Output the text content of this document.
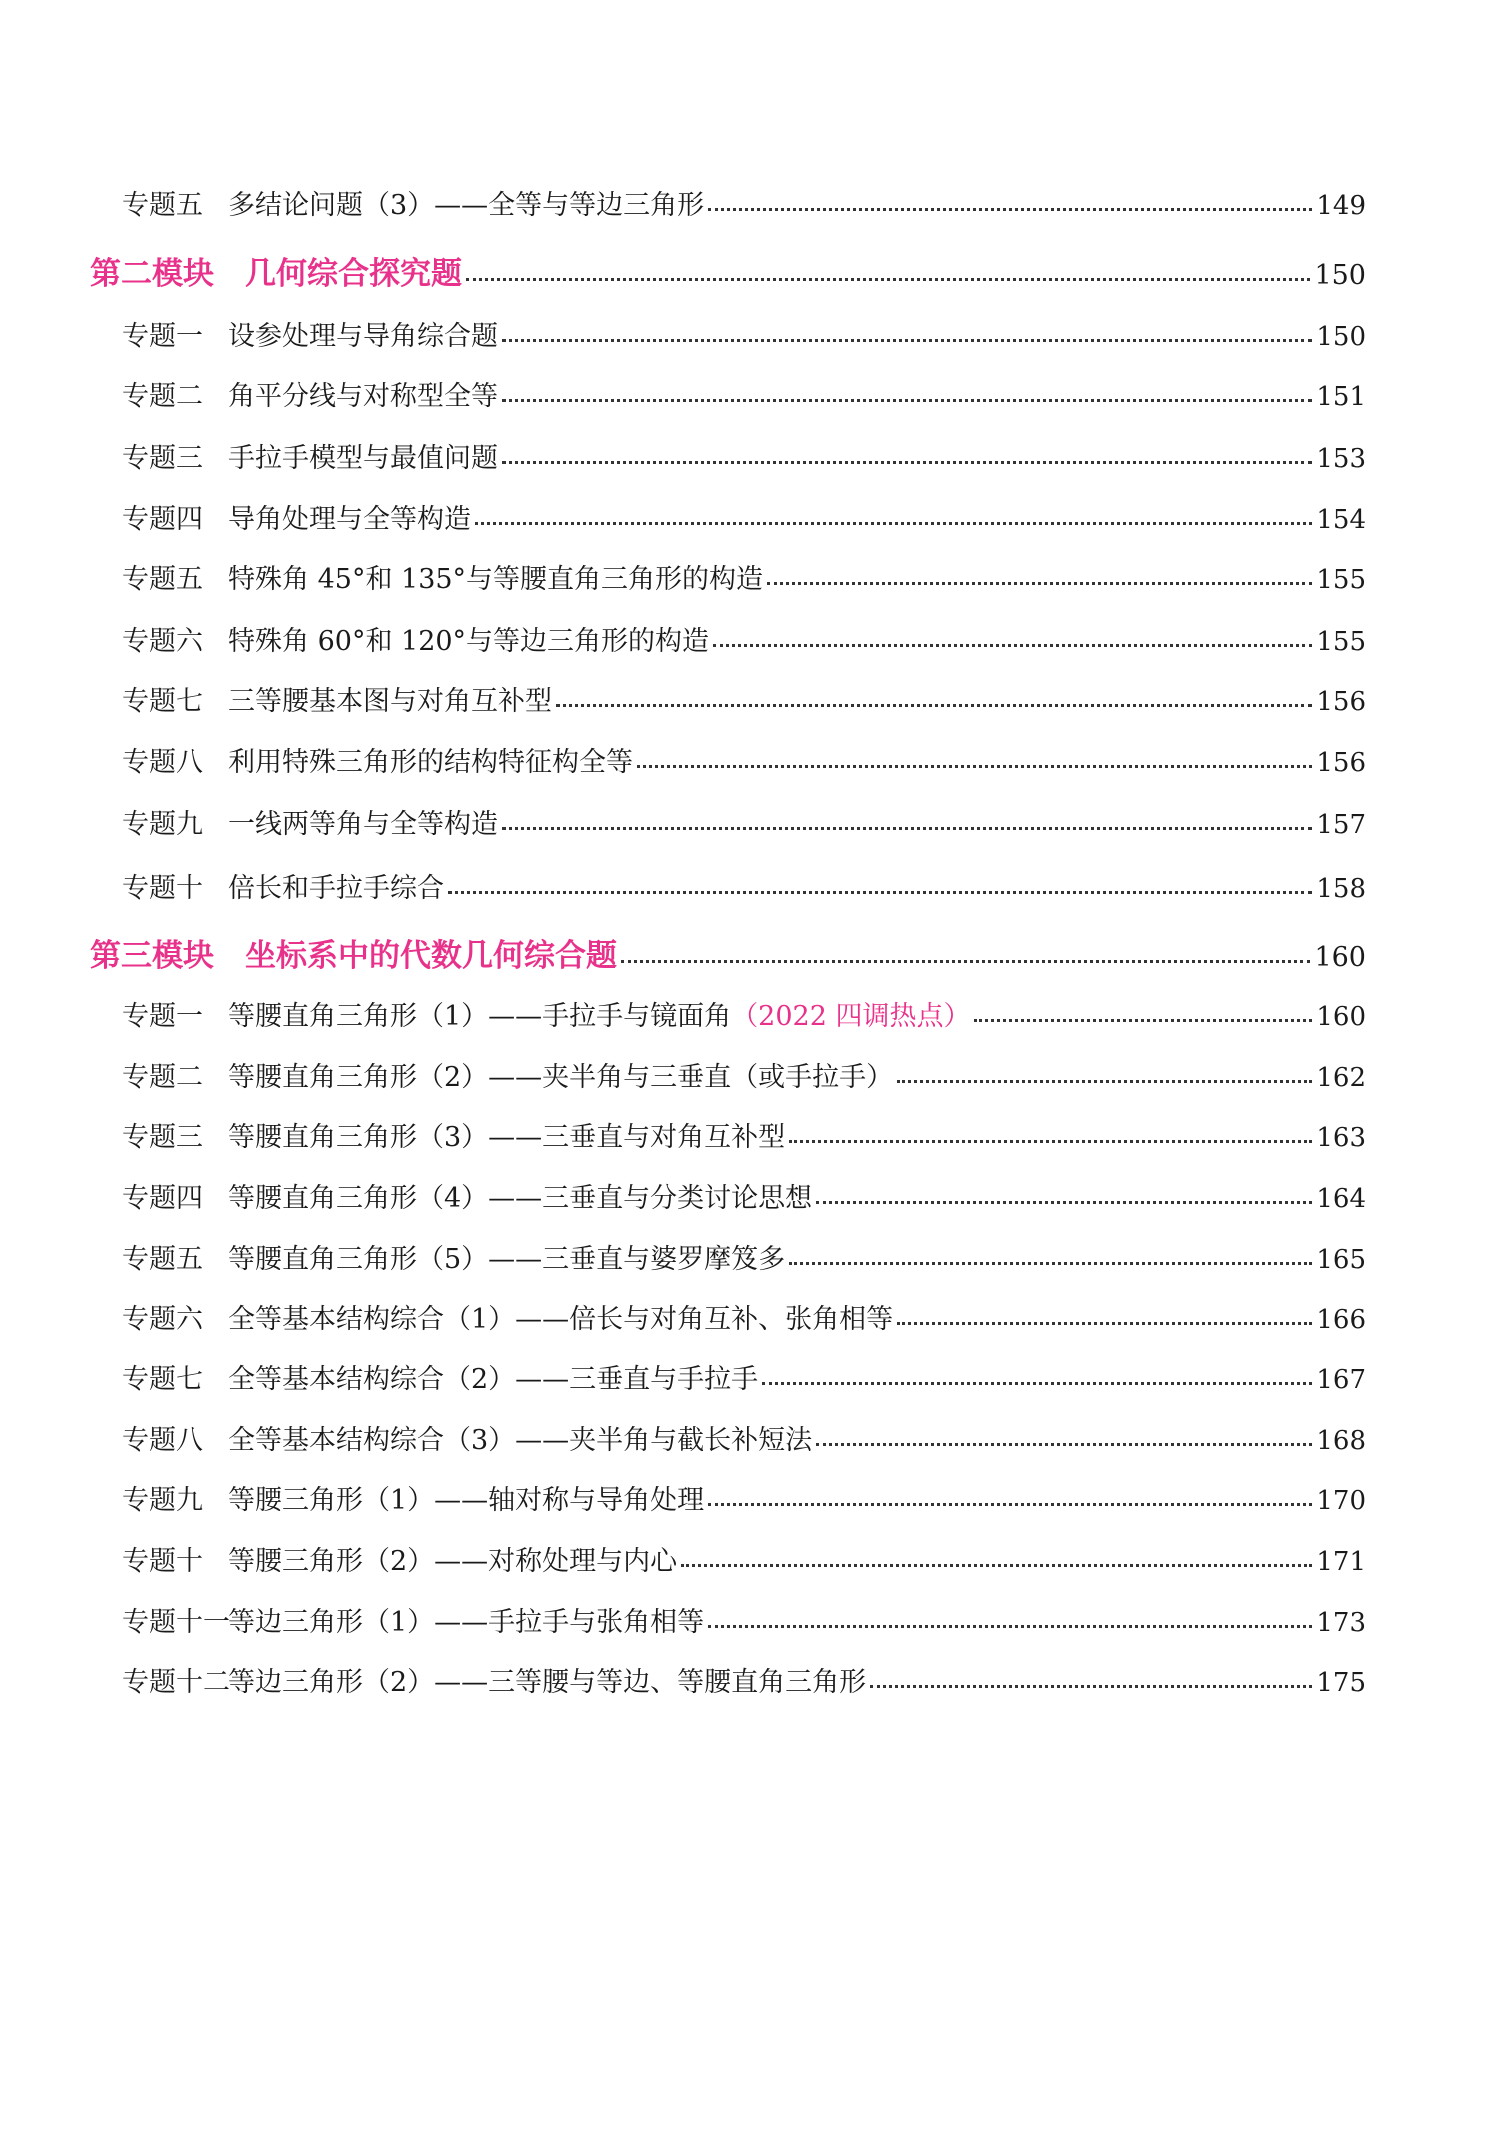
专题五 多结论问题（3）——全等与等边三角形	149
第二模块 几何综合探究题	150
专题一 设参处理与导角综合题	150
专题二 角平分线与对称型全等	151
专题三 手拉手模型与最值问题	153
专题四 导角处理与全等构造	154
专题五 特殊角 45°和 135°与等腰直角三角形的构造	155
专题六 特殊角 60°和 120°与等边三角形的构造	155
专题七 三等腰基本图与对角互补型	156
专题八 利用特殊三角形的结构特征构全等	156
专题九 一线两等角与全等构造	157
专题十 倍长和手拉手综合	158
第三模块 坐标系中的代数几何综合题	160
专题一 等腰直角三角形（1）——手拉手与镜面角（2022 四调热点）	160
专题二 等腰直角三角形（2）——夹半角与三垂直（或手拉手）	162
专题三 等腰直角三角形（3）——三垂直与对角互补型	163
专题四 等腰直角三角形（4）——三垂直与分类讨论思想	164
专题五 等腰直角三角形（5）——三垂直与婆罗摩笈多	165
专题六 全等基本结构综合（1）——倍长与对角互补、张角相等	166
专题七 全等基本结构综合（2）——三垂直与手拉手	167
专题八 全等基本结构综合（3）——夹半角与截长补短法	168
专题九 等腰三角形（1）——轴对称与导角处理	170
专题十 等腰三角形（2）——对称处理与内心	171
专题十一等边三角形（1）——手拉手与张角相等	173
专题十二等边三角形（2）——三等腰与等边、等腰直角三角形	175
